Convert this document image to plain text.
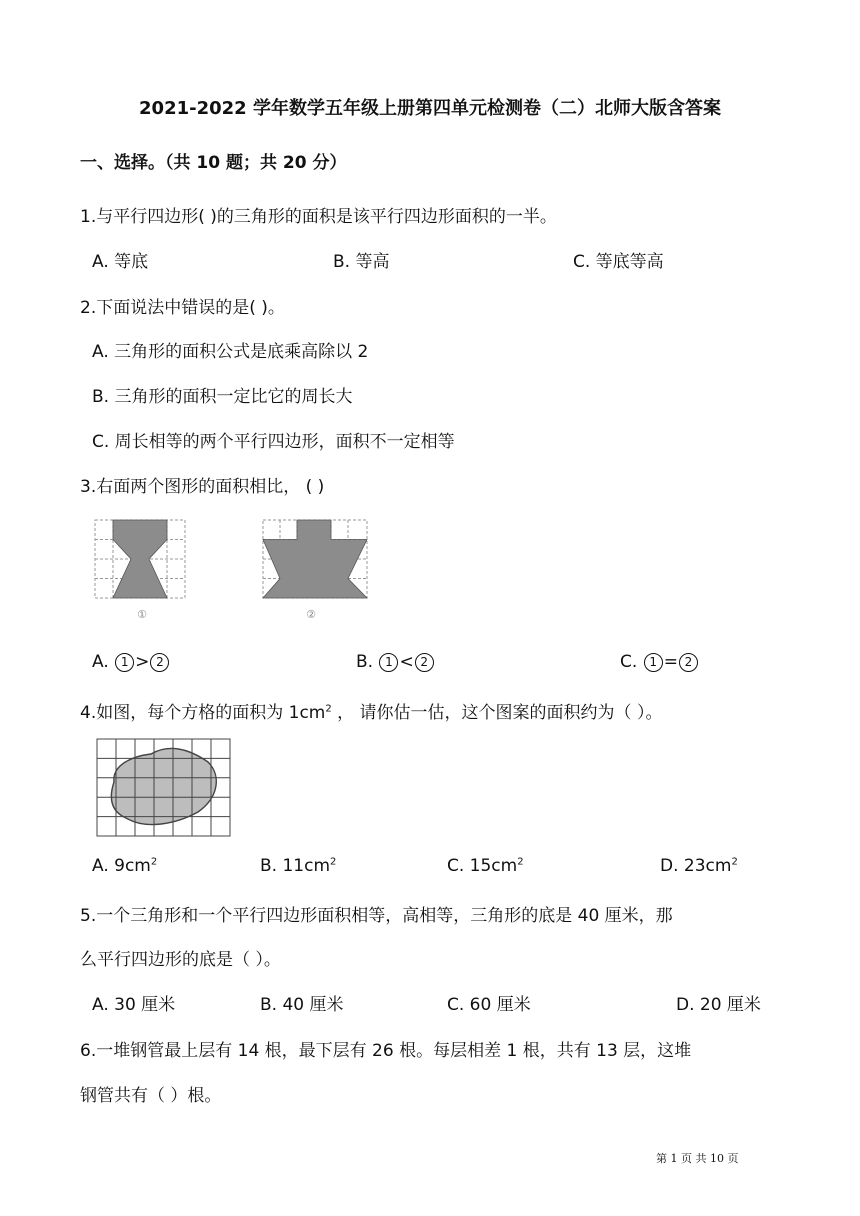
2021-2022 学年数学五年级上册第四单元检测卷（二）北师大版含答案
一、选择。（共 10 题；共 20 分）
1.与平行四边形( )的三角形的面积是该平行四边形面积的一半。
A. 等底	B. 等高	C. 等底等高
2.下面说法中错误的是( )。
A. 三角形的面积公式是底乘高除以 2
B. 三角形的面积一定比它的周长大
C. 周长相等的两个平行四边形，面积不一定相等
3.右面两个图形的面积相比， ( )
①	②
A. 1 > 2	B. 1 < 2	C. 1 = 2
4.如图，每个方格的面积为 $1cm^2$ ， 请你估一估，这个图案的面积约为（ ）。
A. $9cm^2$	B. $11cm^2$	C. $15cm^2$	D. $23cm^2$
5.一个三角形和一个平行四边形面积相等，高相等，三角形的底是 40 厘米，那
么平行四边形的底是（ ）。
A. 30 厘米	B. 40 厘米	C. 60 厘米	D. 20 厘米
6.一堆钢管最上层有 14 根，最下层有 26 根。每层相差 1 根，共有 13 层，这堆
钢管共有（ ）根。
第 1 页 共 10 页
